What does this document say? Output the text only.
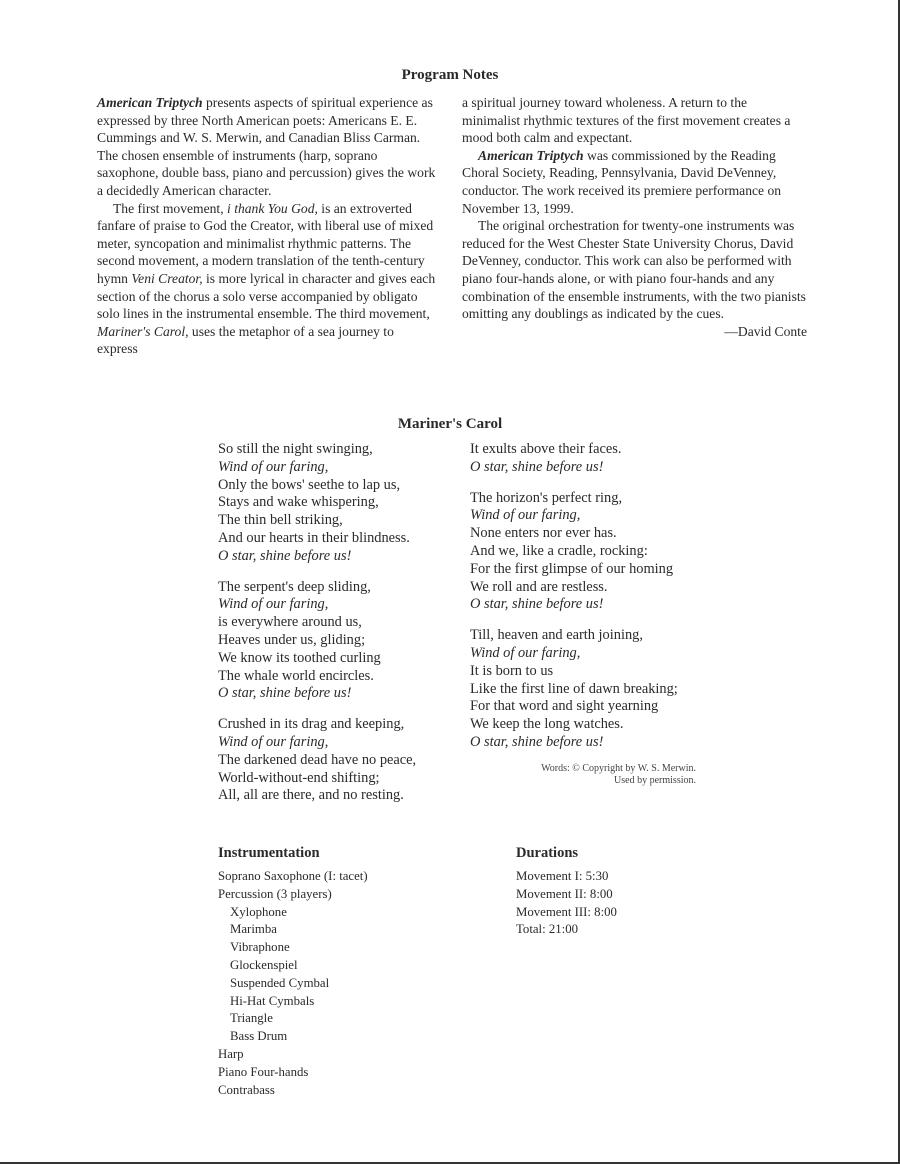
Program Notes

American Triptych presents aspects of spiritual experience as expressed by three North American poets: Americans E. E. Cummings and W. S. Merwin, and Canadian Bliss Carman. The chosen ensemble of instruments (harp, soprano saxophone, double bass, piano and percussion) gives the work a decidedly American character.

The first movement, i thank You God, is an extroverted fanfare of praise to God the Creator, with liberal use of mixed meter, syncopation and minimalist rhythmic patterns. The second movement, a modern translation of the tenth-century hymn Veni Creator, is more lyrical in character and gives each section of the chorus a solo verse accompanied by obligato solo lines in the instrumental ensemble. The third movement, Mariner's Carol, uses the metaphor of a sea journey to express

a spiritual journey toward wholeness. A return to the minimalist rhythmic textures of the first movement creates a mood both calm and expectant.

American Triptych was commissioned by the Reading Choral Society, Reading, Pennsylvania, David DeVenney, conductor. The work received its premiere performance on November 13, 1999.

The original orchestration for twenty-one instruments was reduced for the West Chester State University Chorus, David DeVenney, conductor. This work can also be performed with piano four-hands alone, or with piano four-hands and any combination of the ensemble instruments, with the two pianists omitting any doublings as indicated by the cues.

—David Conte

Mariner's Carol
So still the night swinging,
Wind of our faring,
Only the bows' seethe to lap us,
Stays and wake whispering,
The thin bell striking,
And our hearts in their blindness.
O star, shine before us!
The serpent's deep sliding,
Wind of our faring,
is everywhere around us,
Heaves under us, gliding;
We know its toothed curling
The whale world encircles.
O star, shine before us!
Crushed in its drag and keeping,
Wind of our faring,
The darkened dead have no peace,
World-without-end shifting;
All, all are there, and no resting.
It exults above their faces.
O star, shine before us!
The horizon's perfect ring,
Wind of our faring,
None enters nor ever has.
And we, like a cradle, rocking:
For the first glimpse of our homing
We roll and are restless.
O star, shine before us!
Till, heaven and earth joining,
Wind of our faring,
It is born to us
Like the first line of dawn breaking;
For that word and sight yearning
We keep the long watches.
O star, shine before us!
Words: © Copyright by W. S. Merwin.
Used by permission.
Instrumentation
Soprano Saxophone (I: tacet)
Percussion (3 players)
Xylophone
Marimba
Vibraphone
Glockenspiel
Suspended Cymbal
Hi-Hat Cymbals
Triangle
Bass Drum
Harp
Piano Four-hands
Contrabass
Durations
Movement I: 5:30
Movement II: 8:00
Movement III: 8:00
Total: 21:00
